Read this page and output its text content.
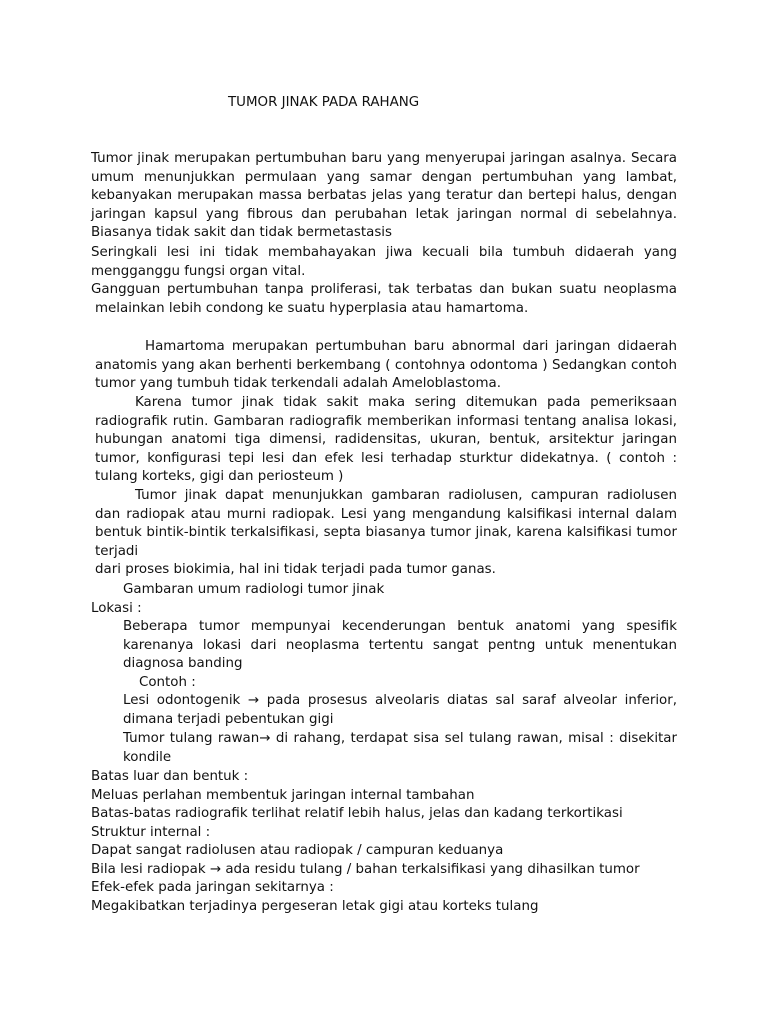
TUMOR JINAK PADA RAHANG

Tumor jinak merupakan pertumbuhan baru yang menyerupai jaringan asalnya. Secara umum menunjukkan permulaan yang samar dengan pertumbuhan yang lambat, kebanyakan merupakan massa berbatas jelas yang teratur dan bertepi halus, dengan jaringan kapsul yang fibrous dan perubahan letak jaringan normal di sebelahnya.

Biasanya tidak sakit dan tidak bermetastasis

Seringkali lesi ini tidak membahayakan jiwa kecuali bila tumbuh didaerah yang

mengganggu fungsi organ vital.

Gangguan pertumbuhan tanpa proliferasi, tak terbatas dan bukan suatu neoplasma

melainkan lebih condong ke suatu hyperplasia atau hamartoma.

Hamartoma merupakan pertumbuhan baru abnormal dari jaringan didaerah anatomis yang akan berhenti berkembang ( contohnya odontoma ) Sedangkan contoh

tumor yang tumbuh tidak terkendali adalah Ameloblastoma.

Karena tumor jinak tidak sakit maka sering ditemukan pada pemeriksaan radiografik rutin. Gambaran radiografik memberikan informasi tentang analisa lokasi, hubungan anatomi tiga dimensi, radidensitas, ukuran, bentuk, arsitektur jaringan tumor, konfigurasi tepi lesi dan efek lesi terhadap sturktur didekatnya. ( contoh :

tulang korteks, gigi dan periosteum )

Tumor jinak dapat menunjukkan gambaran radiolusen, campuran radiolusen dan radiopak atau murni radiopak. Lesi yang mengandung kalsifikasi internal dalam bentuk bintik-bintik terkalsifikasi, septa biasanya tumor jinak, karena kalsifikasi tumor terjadi

dari proses biokimia, hal ini tidak terjadi pada tumor ganas.

Gambaran umum radiologi tumor jinak
Lokasi :

Beberapa tumor mempunyai kecenderungan bentuk anatomi yang spesifik karenanya lokasi dari neoplasma tertentu sangat pentng untuk menentukan

diagnosa banding

Contoh :

Lesi odontogenik → pada prosesus alveolaris diatas sal saraf alveolar inferior,

dimana terjadi pebentukan gigi

Tumor tulang rawan→ di rahang, terdapat sisa sel tulang rawan, misal : disekitar

kondile

Batas luar dan bentuk :

Meluas perlahan membentuk jaringan internal tambahan

Batas-batas radiografik terlihat relatif lebih halus, jelas dan kadang terkortikasi

Struktur internal :

Dapat sangat radiolusen atau radiopak / campuran keduanya

Bila lesi radiopak → ada residu tulang / bahan terkalsifikasi yang dihasilkan tumor

Efek-efek pada jaringan sekitarnya :

Megakibatkan terjadinya pergeseran letak gigi atau korteks tulang
